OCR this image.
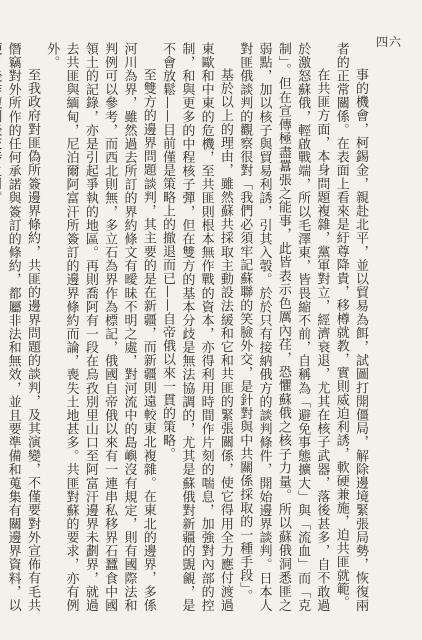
四六

事的機會，柯錫金，親赴北平，並以貿易為餌，試圖打開僵局，解除邊境緊張局勢，恢復兩者的正常關係。在表面上看來是紆尊降貴，移樽就教，實則威迫利誘，軟硬兼施，迫共匪就範。

在共匪方面，本身問題複雜，黨軍對立，經濟衰退，尤其在核子武器，落後甚多，自不敢過於激怒蘇俄，輕啟戰端，所以毛澤東，皆畏縮不前，自稱為「避免事態擴大」與「流血」而「克制」。但在宣傳極盡囂張之能事，此皆表示色厲內荏，恐懼蘇俄之核子力量。所以蘇俄洞悉匪之弱點，加以核子與貿易利誘，引其入彀。於於只有接納俄方的談判條件，開始邊界談判。日本人對匪俄談判的觀察很對「我們必須牢記蘇聯的笑臉外交，是針對與中共關係採取的一種手段」。

基於以上的理由，雖然蘇共採取主動設法緩和它和共匪的緊張關係，使它得用全力應付渡過東歐和中東的危機，至共匪則根本無作戰的資本，亦得利用時間作片刻的喘息，加強對內部的控制，和與更多的中程核子彈，但在雙方的基本分歧是無法協調的，尤其是蘇俄對新疆的覬覦，是不會放鬆——目前僅是策略上的撤退而已——自帝俄以來一貫的策略。

至雙方的邊界問題談判，其主要的是在新疆，而新疆則遠較東北複雜。在東北的邊界，多係河川為界，雖然過去所訂的界約條文有曖昧不明之處，對河流中的島嶼沒有規定，則有國際法和判例可以參考，而西北則無，多立石為界作為標記，俄國自帝俄以來有一連串私移界石蠶食中國領土的記錄，亦是引起爭執的地區。再則喬阿有一段在烏孜別里山口至阿富汗邊界未劃界，就過去共匪與緬甸，尼泊爾阿富汗所簽訂的邊界條約而論，喪失土地甚多。共匪對蘇的要求，亦有例外。

至我政府對匪偽所簽邊界條約，共匪的邊界問題的談判，及其演變，不僅要對外宣佈有毛共僭竊對外所作的任何承諾與簽訂的條約，都屬非法和無效，並且要準備和蒐集有關邊界資料，以
